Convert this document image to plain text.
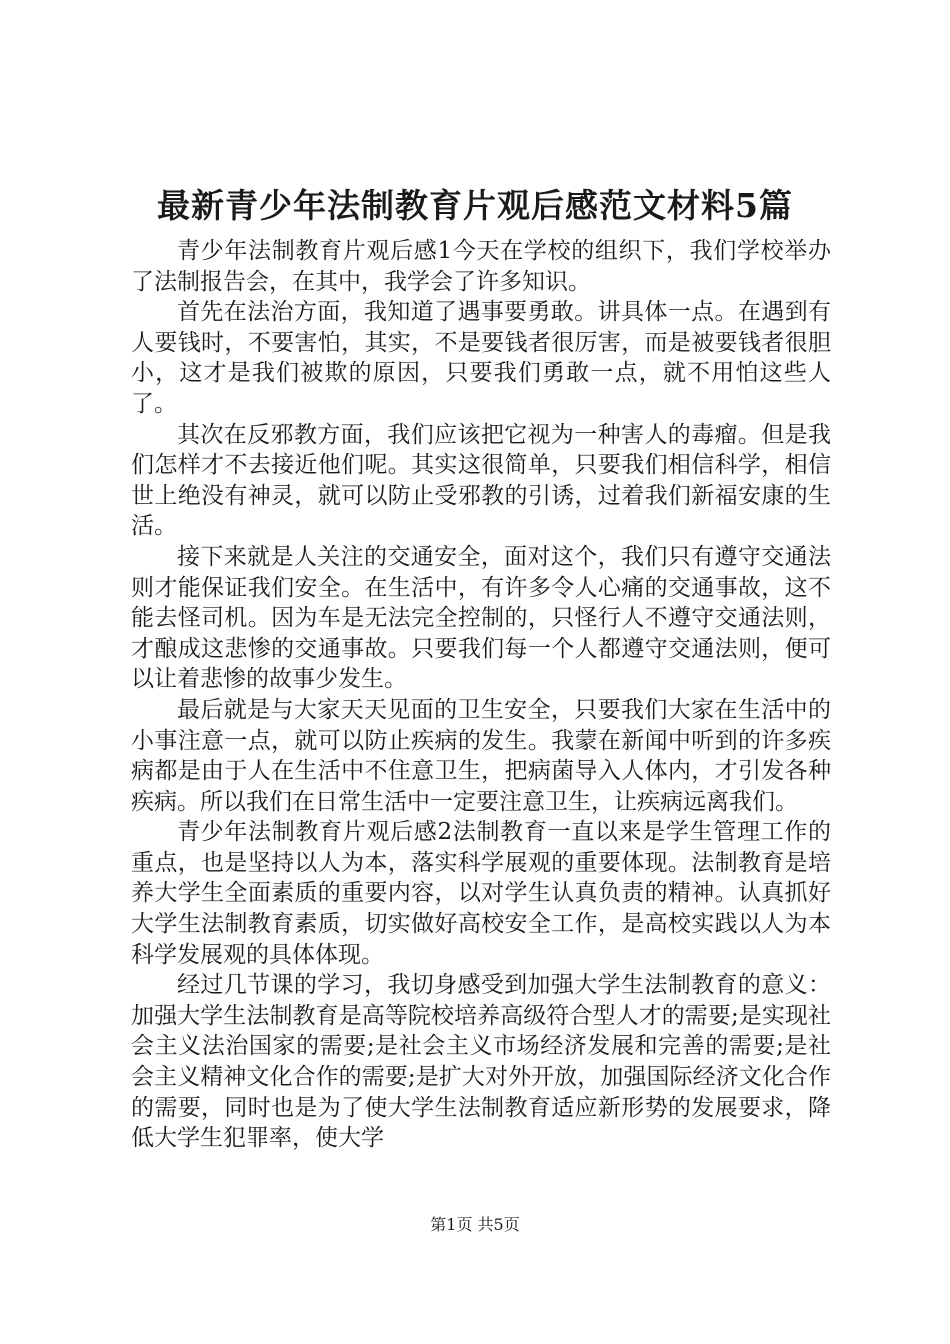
最新青少年法制教育片观后感范文材料5篇

青少年法制教育片观后感1今天在学校的组织下，我们学校举办了法制报告会，在其中，我学会了许多知识。

首先在法治方面，我知道了遇事要勇敢。讲具体一点。在遇到有人要钱时，不要害怕，其实，不是要钱者很厉害，而是被要钱者很胆小，这才是我们被欺的原因，只要我们勇敢一点，就不用怕这些人了。

其次在反邪教方面，我们应该把它视为一种害人的毒瘤。但是我们怎样才不去接近他们呢。其实这很简单，只要我们相信科学，相信世上绝没有神灵，就可以防止受邪教的引诱，过着我们新福安康的生活。

接下来就是人关注的交通安全，面对这个，我们只有遵守交通法则才能保证我们安全。在生活中，有许多令人心痛的交通事故，这不能去怪司机。因为车是无法完全控制的，只怪行人不遵守交通法则，才酿成这悲惨的交通事故。只要我们每一个人都遵守交通法则，便可以让着悲惨的故事少发生。

最后就是与大家天天见面的卫生安全，只要我们大家在生活中的小事注意一点，就可以防止疾病的发生。我蒙在新闻中听到的许多疾病都是由于人在生活中不住意卫生，把病菌导入人体内，才引发各种疾病。所以我们在日常生活中一定要注意卫生，让疾病远离我们。

青少年法制教育片观后感2法制教育一直以来是学生管理工作的重点，也是坚持以人为本，落实科学展观的重要体现。法制教育是培养大学生全面素质的重要内容，以对学生认真负责的精神。认真抓好大学生法制教育素质，切实做好高校安全工作，是高校实践以人为本科学发展观的具体体现。

经过几节课的学习，我切身感受到加强大学生法制教育的意义：加强大学生法制教育是高等院校培养高级符合型人才的需要;是实现社会主义法治国家的需要;是社会主义市场经济发展和完善的需要;是社会主义精神文化合作的需要;是扩大对外开放，加强国际经济文化合作的需要，同时也是为了使大学生法制教育适应新形势的发展要求，降低大学生犯罪率，使大学

第1页 共5页
